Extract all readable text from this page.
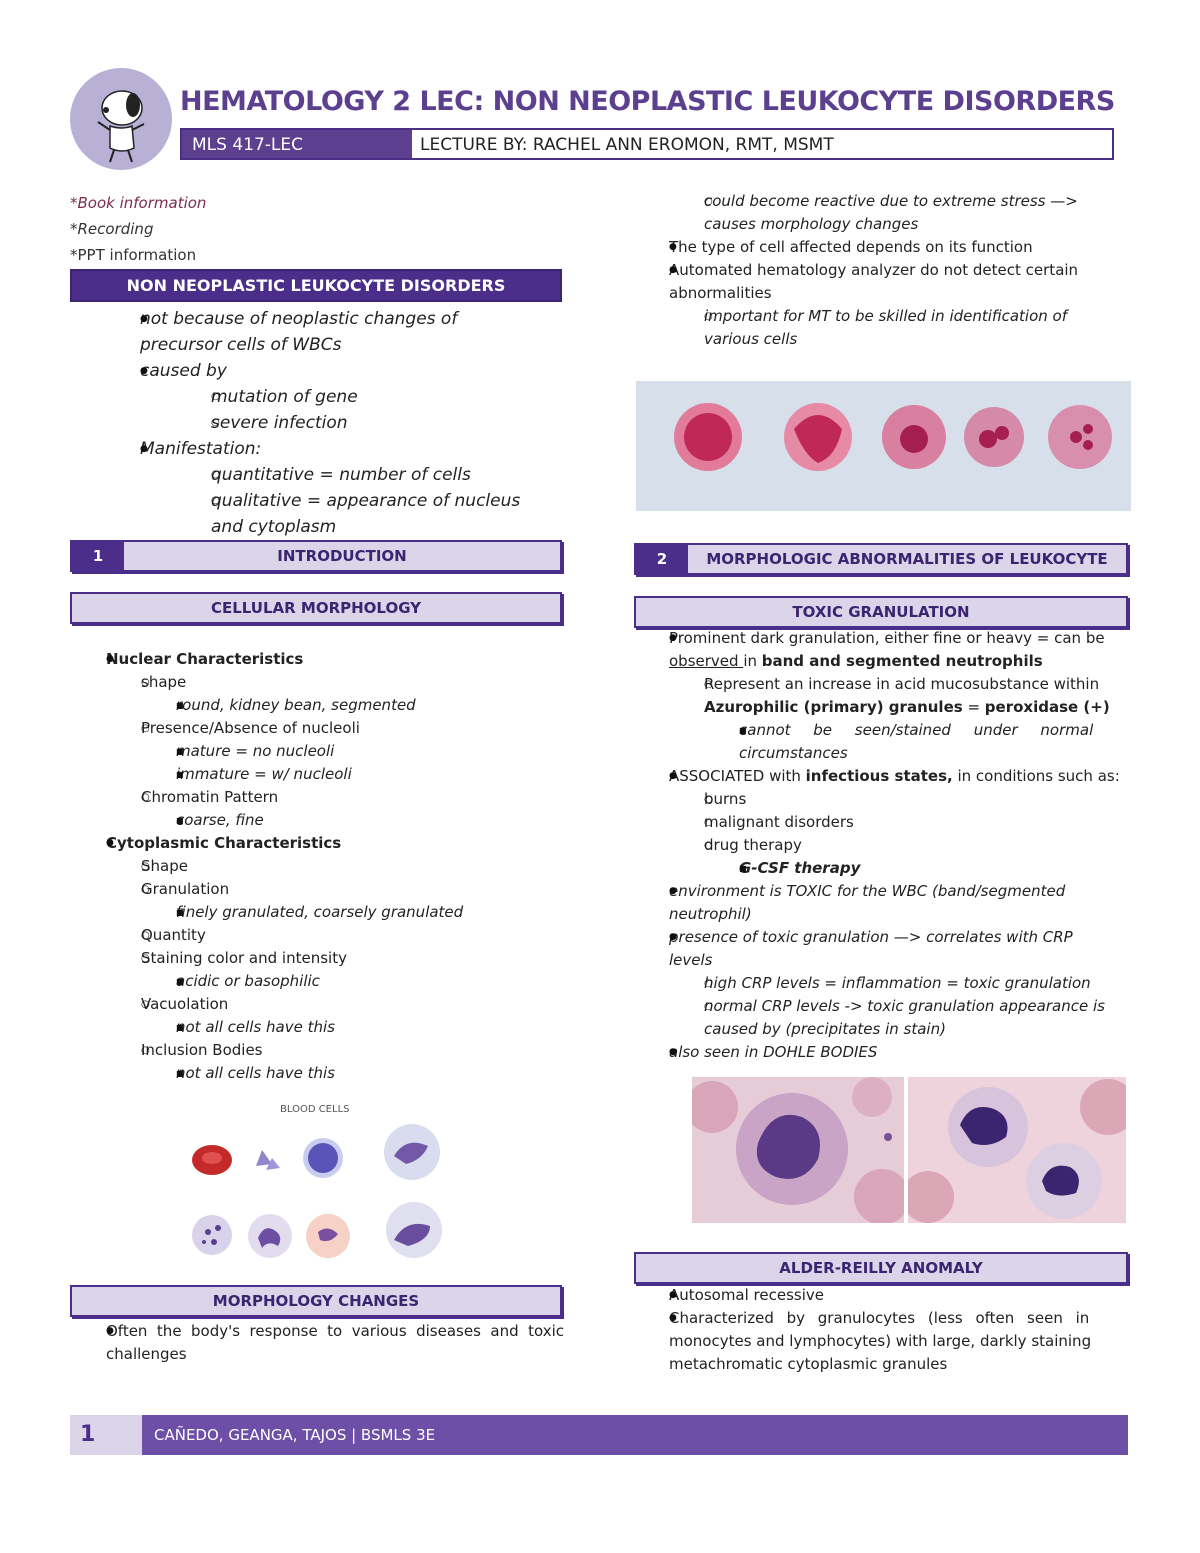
HEMATOLOGY 2 LEC: NON NEOPLASTIC LEUKOCYTE DISORDERS
MLS 417-LEC	LECTURE BY: RACHEL ANN EROMON, RMT, MSMT
*Book information
*Recording
*PPT information
NON NEOPLASTIC LEUKOCYTE DISORDERS
● not because of neoplastic changes of
precursor cells of WBCs
● caused by
○ mutation of gene
○ severe infection
● Manifestation:
○ quantitative = number of cells
○ qualitative = appearance of nucleus
and cytoplasm
1	INTRODUCTION
CELLULAR MORPHOLOGY
● Nuclear Characteristics
○ shape
■ round, kidney bean, segmented
○ Presence/Absence of nucleoli
■ mature = no nucleoli
■ immature = w/ nucleoli
○ Chromatin Pattern
■ coarse, fine
● Cytoplasmic Characteristics
○ Shape
○ Granulation
■ finely granulated, coarsely granulated
○ Quantity
○ Staining color and intensity
■ acidic or basophilic
○ Vacuolation
■ not all cells have this
○ Inclusion Bodies
■ not all cells have this
BLOOD CELLS
MORPHOLOGY CHANGES
● Often the body's response to various diseases and toxic challenges
○ could become reactive due to extreme stress —>
causes morphology changes
● The type of cell affected depends on its function
● Automated hematology analyzer do not detect certain
abnormalities
○ important for MT to be skilled in identification of
various cells
2	MORPHOLOGIC ABNORMALITIES OF LEUKOCYTE
TOXIC GRANULATION
● Prominent dark granulation, either fine or heavy = can be
observed in band and segmented neutrophils
○ Represent an increase in acid mucosubstance within
Azurophilic (primary) granules = peroxidase (+)
■ cannot be seen/stained under normal
circumstances
● ASSOCIATED with infectious states, in conditions such as:
○ burns
○ malignant disorders
○ drug therapy
■ G-CSF therapy
● environment is TOXIC for the WBC (band/segmented
neutrophil)
● presence of toxic granulation —> correlates with CRP
levels
○ high CRP levels = inflammation = toxic granulation
○ normal CRP levels -> toxic granulation appearance is
caused by (precipitates in stain)
● also seen in DOHLE BODIES
ALDER-REILLY ANOMALY
● Autosomal recessive
● Characterized by granulocytes (less often seen in
monocytes and lymphocytes) with large, darkly staining
metachromatic cytoplasmic granules
1	CAÑEDO, GEANGA, TAJOS | BSMLS 3E
